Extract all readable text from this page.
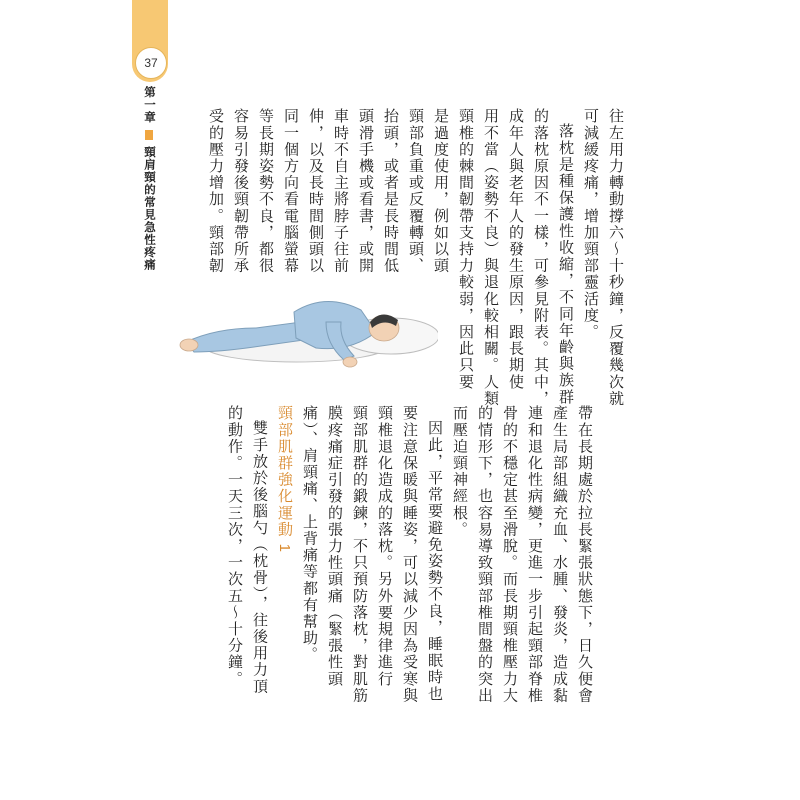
37
第一章  頸肩頸的常見急性疼痛	往左用力轉動撐六～十秒鐘，反覆幾次就
可減緩疼痛，增加頸部靈活度。
落枕是種保護性收縮，不同年齡與族群
的落枕原因不一樣，可參見附表。其中，
成年人與老年人的發生原因，跟長期使
用不當（姿勢不良）與退化較相關。人類
頸椎的棘間韌帶支持力較弱，因此只要
是過度使用，例如以頭
頸部負重或反覆轉頭、
抬頭，或者是長時間低
頭滑手機或看書，或開
車時不自主將脖子往前
伸，以及長時間側頭以
同一個方向看電腦螢幕
等長期姿勢不良，都很
容易引發後頸韌帶所承
受的壓力增加。頸部韌
帶在長期處於拉長緊張狀態下，日久便會
產生局部組織充血、水腫、發炎，造成黏
連和退化性病變，更進一步引起頸部脊椎
骨的不穩定甚至滑脫。而長期頸椎壓力大
的情形下，也容易導致頸部椎間盤的突出
而壓迫頸神經根。
因此，平常要避免姿勢不良，睡眠時也
要注意保暖與睡姿，可以減少因為受寒與
頸椎退化造成的落枕。另外要規律進行
頸部肌群的鍛鍊，不只預防落枕，對肌筋
膜疼痛症引發的張力性頭痛（緊張性頭
痛）、肩頸痛、上背痛等都有幫助。
頸部肌群強化運動 1
雙手放於後腦勺（枕骨），往後用力頂
的動作。一天三次，一次五～十分鐘。
